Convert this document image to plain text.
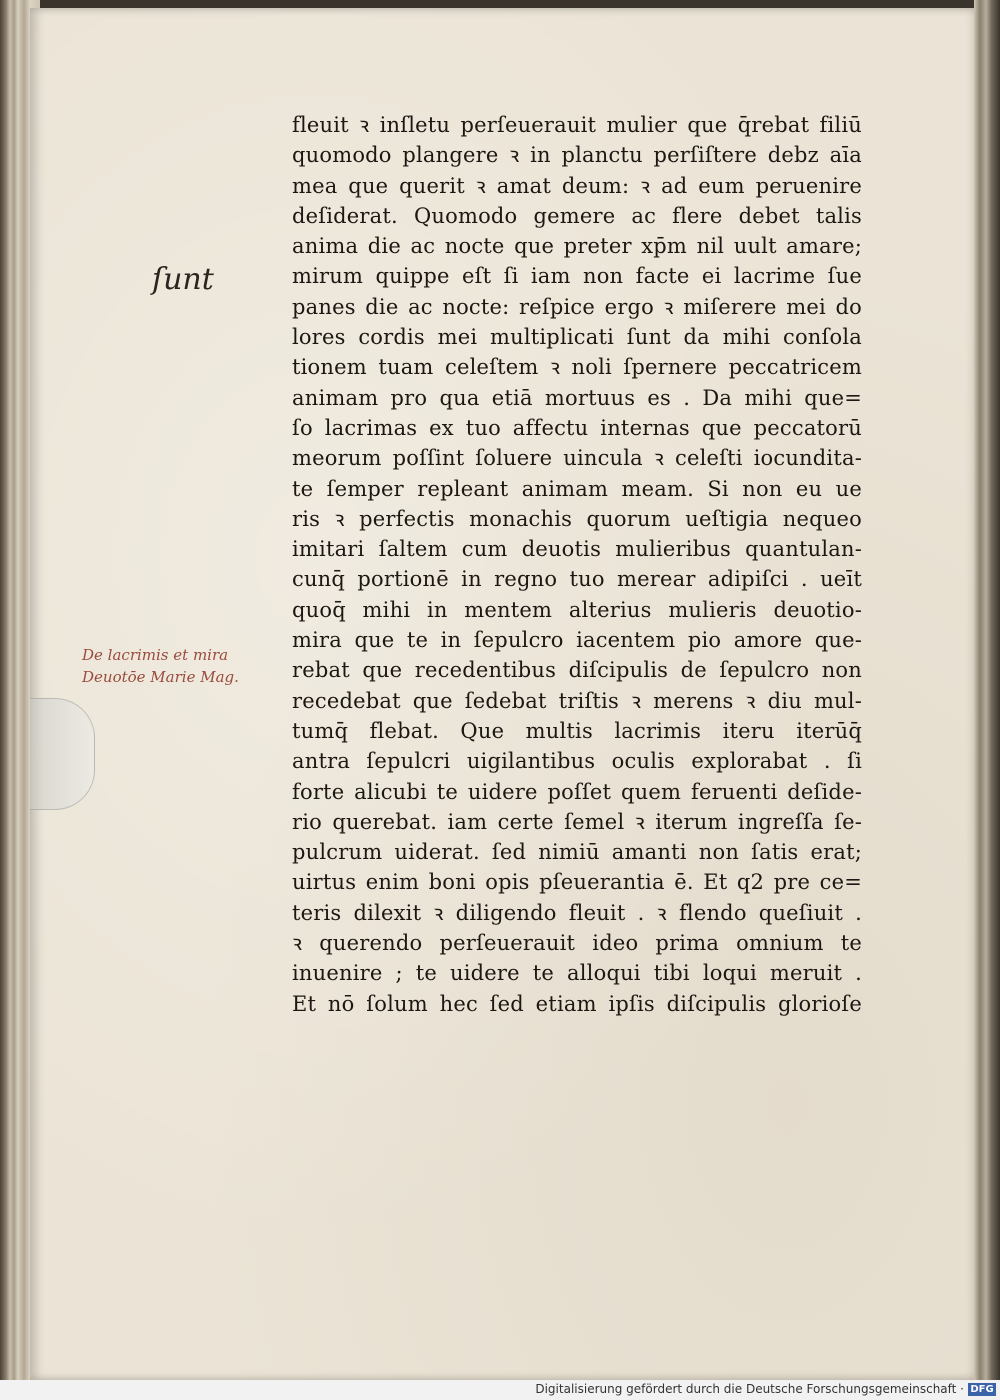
ſunt
De lacrimis et mira
Deuotōe Marie Mag.
fleuit ꝛ inſletu perſeuerauit mulier que q̄rebat filiū
quomodo plangere ꝛ in planctu perſiſtere debz aīa
mea que querit ꝛ amat deum: ꝛ ad eum peruenire
deſiderat. Quomodo gemere ac flere debet talis
anima die ac nocte que preter xp̄m nil uult amare;
mirum quippe eſt ſi iam non facte ei lacrime ſue
panes die ac nocte: reſpice ergo ꝛ miſerere mei do
lores cordis mei multiplicati ſunt da mihi conſola
tionem tuam celeſtem ꝛ noli ſpernere peccatricem
animam pro qua etiā mortuus es . Da mihi que=
ſo lacrimas ex tuo affectu internas que peccatorū
meorum poſſint ſoluere uincula ꝛ celeſti iocundita-
te ſemper repleant animam meam. Si non eu ue
ris ꝛ perfectis monachis quorum ueſtigia nequeo
imitari ſaltem cum deuotis mulieribus quantulan-
cunq̄ portionē in regno tuo merear adipiſci . ueīt
quoq̄ mihi in mentem alterius mulieris deuotio-
mira que te in ſepulcro iacentem pio amore que-
rebat que recedentibus diſcipulis de ſepulcro non
recedebat que ſedebat triſtis ꝛ merens ꝛ diu mul-
tumq̄ flebat. Que multis lacrimis iteru iterūq̄
antra ſepulcri uigilantibus oculis explorabat . ſi
forte alicubi te uidere poſſet quem feruenti deſide-
rio querebat. iam certe ſemel ꝛ iterum ingreſſa ſe-
pulcrum uiderat. ſed nimiū amanti non ſatis erat;
uirtus enim boni opis pſeuerantia ē. Et q2 pre ce=
teris dilexit ꝛ diligendo fleuit . ꝛ flendo queſiuit .
ꝛ querendo perſeuerauit ideo prima omnium te
inuenire ; te uidere te alloqui tibi loqui meruit .
Et nō ſolum hec ſed etiam ipſis diſcipulis glorioſe
Digitalisierung gefördert durch die Deutsche Forschungsgemeinschaft · DFG
